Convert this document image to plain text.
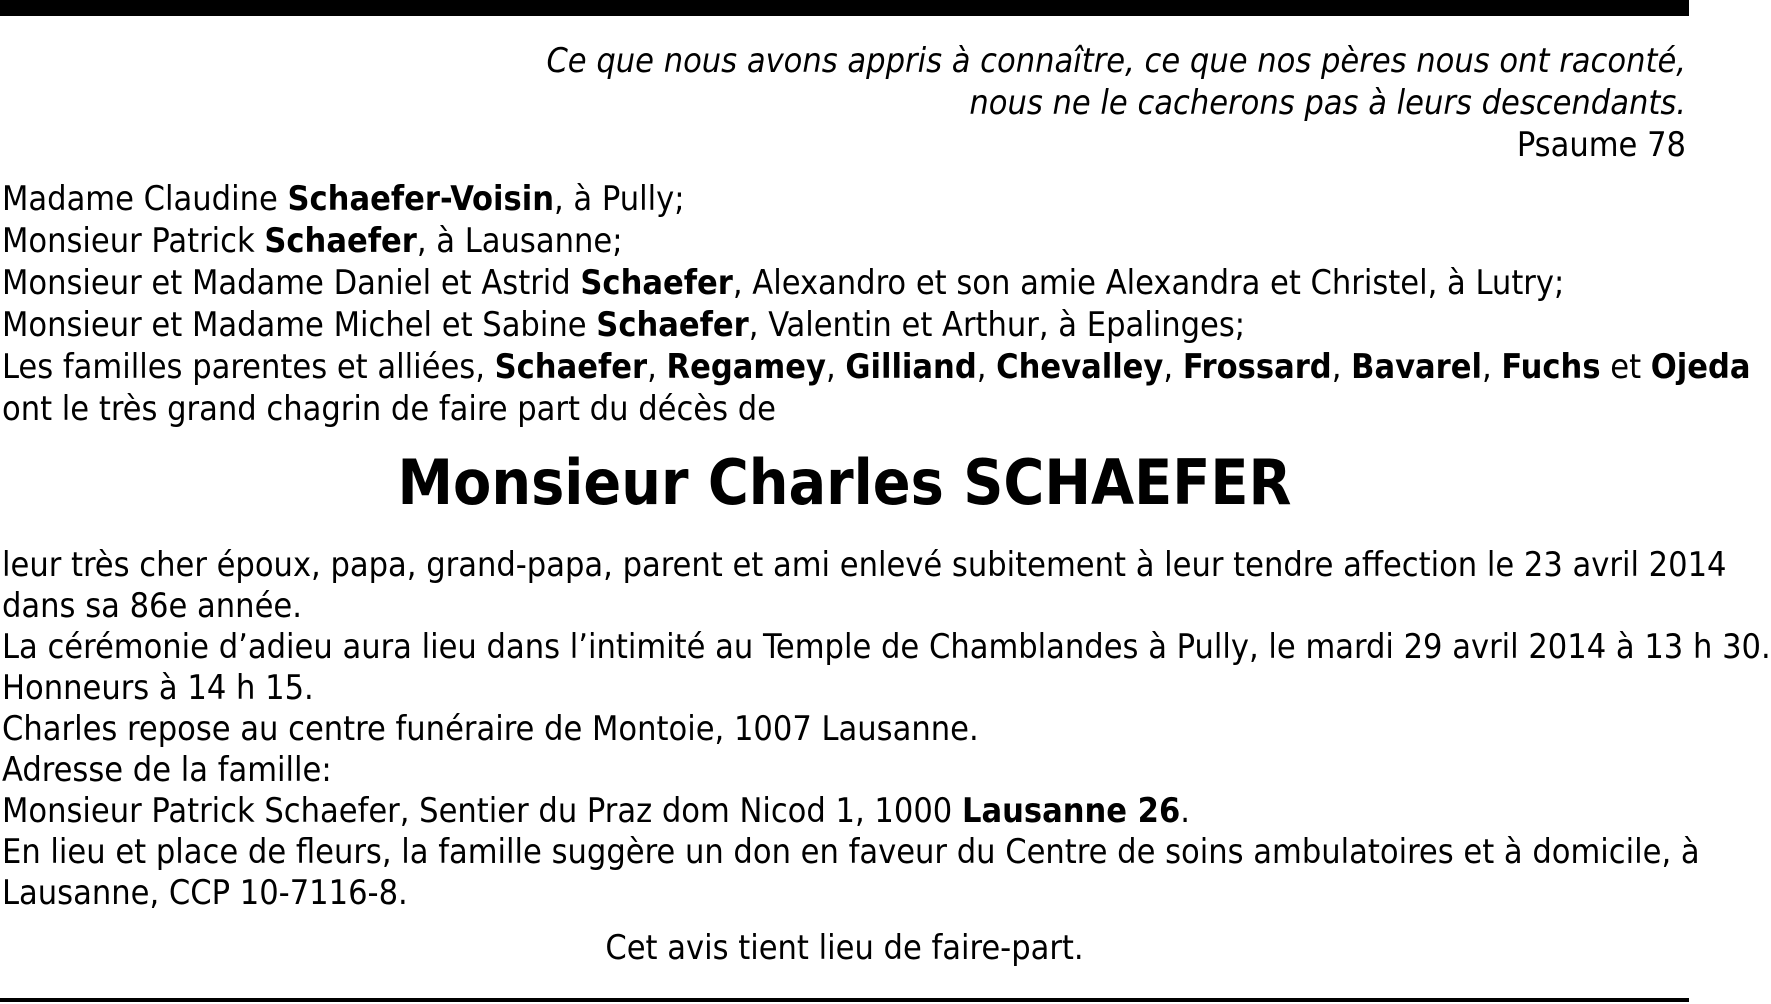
Ce que nous avons appris à connaître, ce que nos pères nous ont raconté,
nous ne le cacherons pas à leurs descendants.
Psaume 78
Madame Claudine Schaefer-Voisin, à Pully;
Monsieur Patrick Schaefer, à Lausanne;
Monsieur et Madame Daniel et Astrid Schaefer, Alexandro et son amie Alexandra et Christel, à Lutry;
Monsieur et Madame Michel et Sabine Schaefer, Valentin et Arthur, à Epalinges;
Les familles parentes et alliées, Schaefer, Regamey, Gilliand, Chevalley, Frossard, Bavarel, Fuchs et Ojeda
ont le très grand chagrin de faire part du décès de
Monsieur Charles SCHAEFER
leur très cher époux, papa, grand-papa, parent et ami enlevé subitement à leur tendre affection le 23 avril 2014
dans sa 86e année.
La cérémonie d’adieu aura lieu dans l’intimité au Temple de Chamblandes à Pully, le mardi 29 avril 2014 à 13 h 30.
Honneurs à 14 h 15.
Charles repose au centre funéraire de Montoie, 1007 Lausanne.
Adresse de la famille:
Monsieur Patrick Schaefer, Sentier du Praz dom Nicod 1, 1000 Lausanne 26.
En lieu et place de fleurs, la famille suggère un don en faveur du Centre de soins ambulatoires et à domicile, à
Lausanne, CCP 10-7116-8.
Cet avis tient lieu de faire-part.
